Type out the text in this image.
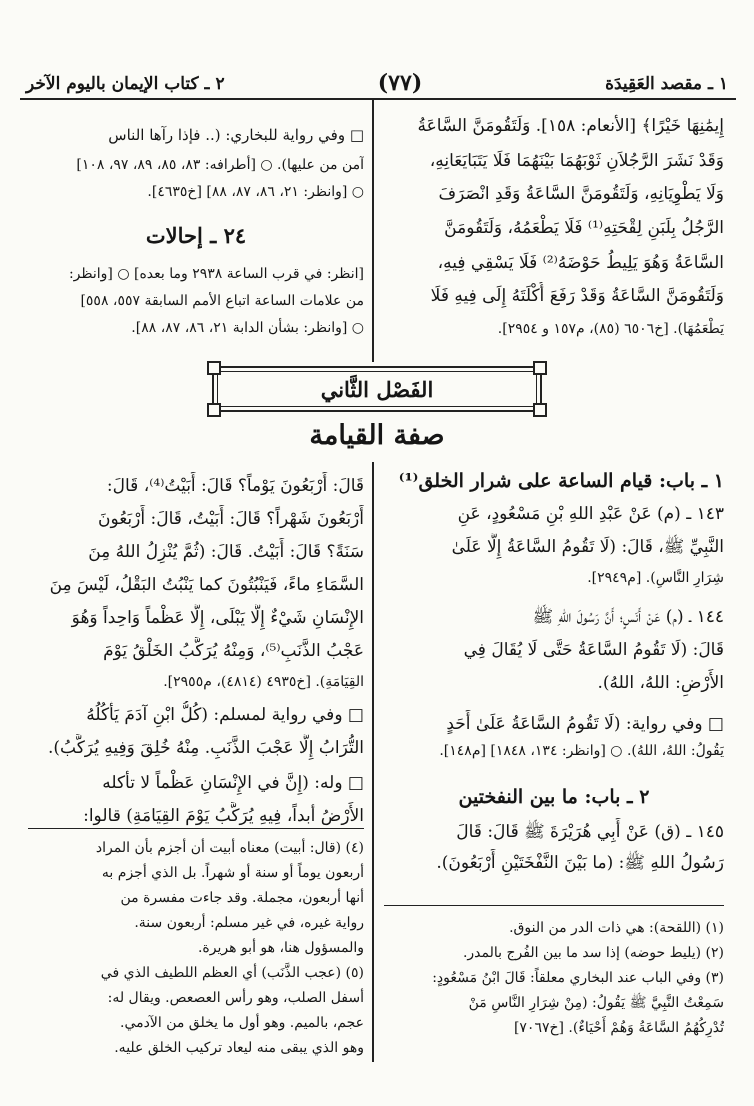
٢ ـ كتاب الإيمان باليوم الآخر	(٧٧)	١ ـ مقصد العَقِيدَة
إِيمَٰنِهَا خَيْرًا﴾ [الأنعام: ١٥٨]. وَلَتَقُومَنَّ السَّاعَةُ
وَقَدْ نَشَرَ الرَّجُلاَنِ ثَوْبَهُمَا بَيْنَهُمَا فَلَا يَتَبَايَعَانِهِ،
وَلَا يَطْوِيَانِهِ، وَلَتَقُومَنَّ السَّاعَةُ وَقَدِ انْصَرَفَ
الرَّجُلُ بِلَبَنِ لِقْحَتِهِ⁽¹⁾ فَلَا يَطْعَمُهُ، وَلَتَقُومَنَّ
السَّاعَةُ وَهُوَ يَلِيطُ حَوْضَهُ⁽²⁾ فَلَا يَسْقِي فِيهِ،
وَلَتَقُومَنَّ السَّاعَةُ وَقَدْ رَفَعَ أُكْلَتَهُ إِلَى فِيهِ فَلَا
يَطْعَمُهَا). [خ٦٥٠٦ (٨٥)، م١٥٧ و ٢٩٥٤].
□ وفي رواية للبخاري: (.. فإذا رآها الناس
آمن من عليها). ○ [أطرافه: ٨٣، ٨٥، ٨٩، ٩٧، ١٠٨]
○ [وانظر: ٢١، ٨٦، ٨٧، ٨٨] [خ٤٦٣٥].
٢٤ ـ إحالات
[انظر: في قرب الساعة ٢٩٣٨ وما بعده] ○ [وانظر:
من علامات الساعة اتباع الأمم السابقة ٥٥٧، ٥٥٨]
○ [وانظر: بشأن الدابة ٢١، ٨٦، ٨٧، ٨٨].
الفَصْل الثَّاني
صفة القيامة
١ ـ باب: قيام الساعة على شرار الخلق⁽¹⁾
١٤٣ ـ (م) عَنْ عَبْدِ اللهِ بْنِ مَسْعُودٍ، عَنِ
النَّبِيِّ ﷺ، قَالَ: (لَا تَقُومُ السَّاعَةُ إِلَّا عَلَىٰ
شِرَارِ النَّاسِ). [م٢٩٤٩].
١٤٤ ـ (م) عَنْ أَنَسٍ؛ أَنَّ رَسُولَ اللهِ ﷺ
قَالَ: (لَا تَقُومُ السَّاعَةُ حَتَّى لَا يُقَالَ فِي
الأَرْضِ: اللهُ، اللهُ).
□ وفي رواية: (لَا تَقُومُ السَّاعَةُ عَلَىٰ أَحَدٍ
يَقُولُ: اللهُ، اللهُ). ○ [وانظر: ١٣٤، ١٨٤٨] [م١٤٨].
٢ ـ باب: ما بين النفختين
١٤٥ ـ (ق) عَنْ أَبِي هُرَيْرَةَ ﷺ قَالَ: قَالَ
رَسُولُ اللهِ ﷺ: (ما بَيْنَ النَّفْخَتَيْنِ أَرْبَعُونَ).
(١) (اللقحة): هي ذات الدر من النوق.
(٢) (يليط حوضه) إذا سد ما بين الفُرج بالمدر.
(٣) وفي الباب عند البخاري معلقاً: قَالَ ابْنُ مَسْعُودٍ:
سَمِعْتُ النَّبِيَّ ﷺ يَقُولُ: (مِنْ شِرَارِ النَّاسِ مَنْ
تُدْرِكُهُمُ السَّاعَةُ وَهُمْ أَحْيَاءٌ). [خ٧٠٦٧]
قَالَ: أَرْبَعُونَ يَوْماً؟ قَالَ: أَبَيْتُ⁽⁴⁾، قَالَ:
أَرْبَعُونَ شَهْراً؟ قَالَ: أَبَيْتُ، قَالَ: أَرْبَعُونَ
سَنَةً؟ قَالَ: أَبَيْتُ. قَالَ: (ثُمَّ يُنْزِلُ اللهُ مِنَ
السَّمَاءِ ماءً، فَيَنْبُتُونَ كما يَنْبُتُ البَقْلُ، لَيْسَ مِنَ
الإِنْسَانِ شَيْءٌ إِلَّا يَبْلَى، إِلَّا عَظْماً وَاحِداً وَهُوَ
عَجْبُ الذَّنَبِ⁽⁵⁾، وَمِنْهُ يُرَكَّبُ الخَلْقُ يَوْمَ
القِيَامَةِ). [خ٤٩٣٥ (٤٨١٤)، م٢٩٥٥].
□ وفي رواية لمسلم: (كُلُّ ابْنِ آدَمَ يَأْكُلُهُ
التُّرَابُ إِلَّا عَجْبَ الذَّنَبِ. مِنْهُ خُلِقَ وَفِيهِ يُرَكَّبُ).
□ وله: (إِنَّ في الإِنْسَانِ عَظْماً لا تأكله
الأَرْضُ أبداً، فِيهِ يُرَكَّبُ يَوْمَ القِيَامَةِ) قالوا:
(٤) (قال: أبيت) معناه أبيت أن أجزم بأن المراد
أربعون يوماً أو سنة أو شهراً. بل الذي أجزم به
أنها أربعون، مجملة. وقد جاءت مفسرة من
رواية غيره، في غير مسلم: أربعون سنة.
والمسؤول هنا، هو أبو هريرة.
(٥) (عجب الذَّنَب) أي العظم اللطيف الذي في
أسفل الصلب، وهو رأس العصعص. ويقال له:
عجم، بالميم. وهو أول ما يخلق من الآدمي.
وهو الذي يبقى منه ليعاد تركيب الخلق عليه.
